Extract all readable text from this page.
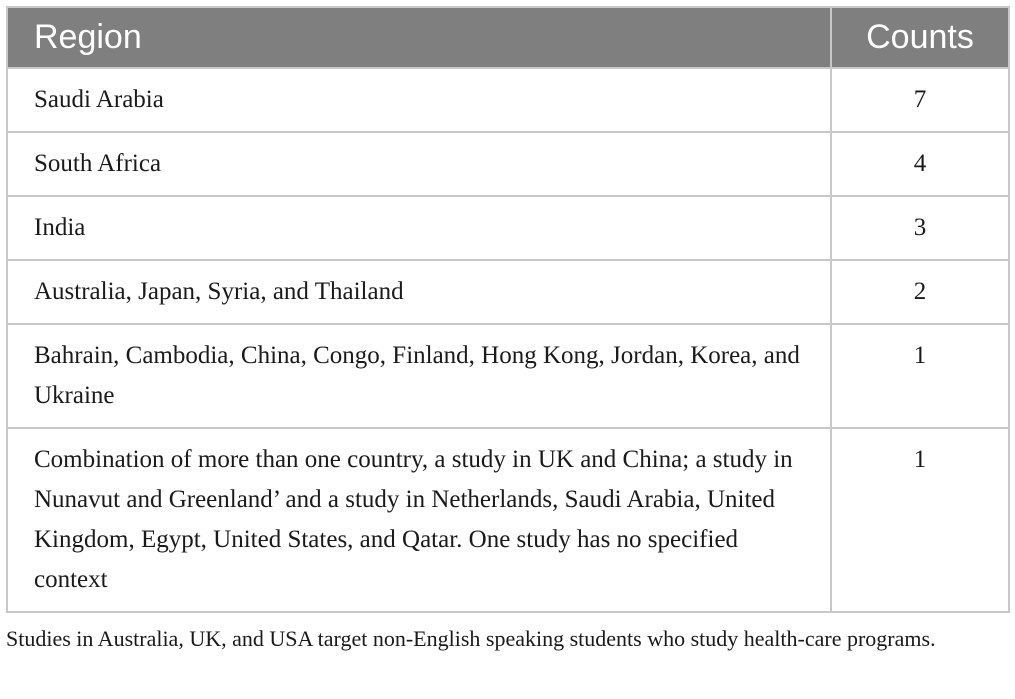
Region	Counts
Saudi Arabia	7
South Africa	4
India	3
Australia, Japan, Syria, and Thailand	2
Bahrain, Cambodia, China, Congo, Finland, Hong Kong, Jordan, Korea, and Ukraine	1
Combination of more than one country, a study in UK and China; a study in Nunavut and Greenland’ and a study in Netherlands, Saudi Arabia, United Kingdom, Egypt, United States, and Qatar. One study has no specified context	1
Studies in Australia, UK, and USA target non-English speaking students who study health-care programs.
